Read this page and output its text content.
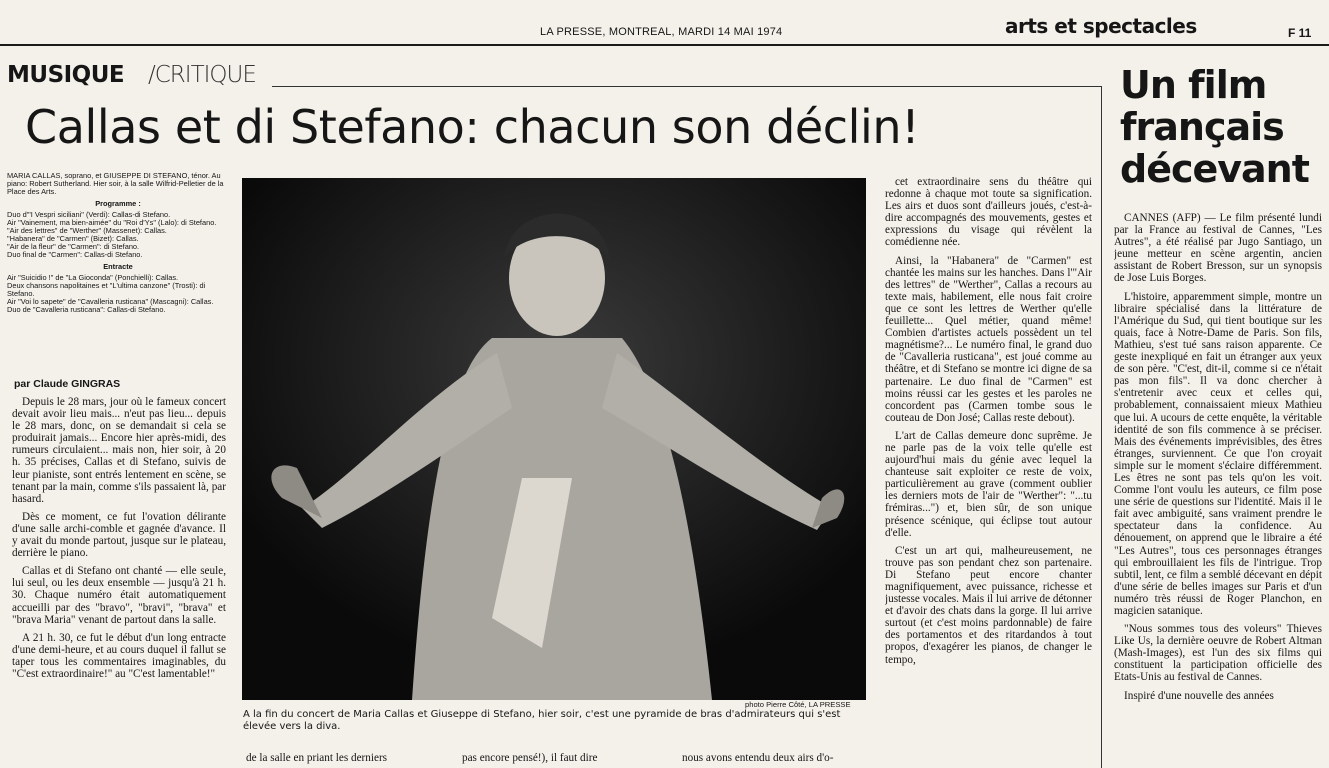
LA PRESSE, MONTREAL, MARDI 14 MAI 1974	arts et spectacles	F 11
MUSIQUE /CRITIQUE
Callas et di Stefano: chacun son déclin!

MARIA CALLAS, soprano, et GIUSEPPE DI STEFANO, ténor. Au piano: Robert Sutherland. Hier soir, à la salle Wilfrid-Pelletier de la Place des Arts.

Programme :

Duo d'"I Vespri siciliani" (Verdi): Callas-di Stefano.

Air "Vainement, ma bien-aimée" du "Roi d'Ys" (Lalo): di Stefano.

"Air des lettres" de "Werther" (Massenet): Callas.

"Habanera" de "Carmen" (Bizet): Callas.

"Air de la fleur" de "Carmen": di Stefano.

Duo final de "Carmen": Callas-di Stefano.

Entracte

Air "Suicidio !" de "La Gioconda" (Ponchielli): Callas.

Deux chansons napolitaines et "L'ultima canzone" (Trosti): di Stefano.

Air "Voi lo sapete" de "Cavalleria rusticana" (Mascagni): Callas.

Duo de "Cavalleria rusticana": Callas-di Stefano.

par Claude GINGRAS

Depuis le 28 mars, jour où le fameux concert devait avoir lieu mais... n'eut pas lieu... depuis le 28 mars, donc, on se demandait si cela se produirait jamais... Encore hier après-midi, des rumeurs circulaient... mais non, hier soir, à 20 h. 35 précises, Callas et di Stefano, suivis de leur pianiste, sont entrés lentement en scène, se tenant par la main, comme s'ils passaient là, par hasard.

Dès ce moment, ce fut l'ovation délirante d'une salle archi-comble et gagnée d'avance. Il y avait du monde partout, jusque sur le plateau, derrière le piano.

Callas et di Stefano ont chanté — elle seule, lui seul, ou les deux ensemble — jusqu'à 21 h. 30. Chaque numéro était automatiquement accueilli par des "bravo", "bravi", "brava" et "brava Maria" venant de partout dans la salle.

A 21 h. 30, ce fut le début d'un long entracte d'une demi-heure, et au cours duquel il fallut se taper tous les commentaires imaginables, du "C'est extraordinaire!" au "C'est lamentable!"

photo Pierre Côté, LA PRESSE
A la fin du concert de Maria Callas et Giuseppe di Stefano, hier soir, c'est une pyramide de bras d'admirateurs qui s'est élevée vers la diva.
de la salle en priant les derniers	pas encore pensé!), il faut dire	nous avons entendu deux airs d'o-

cet extraordinaire sens du théâtre qui redonne à chaque mot toute sa signification. Les airs et duos sont d'ailleurs joués, c'est-à-dire accompagnés des mouvements, gestes et expressions du visage qui révèlent la comédienne née.

Ainsi, la "Habanera" de "Carmen" est chantée les mains sur les hanches. Dans l'"Air des lettres" de "Werther", Callas a recours au texte mais, habilement, elle nous fait croire que ce sont les lettres de Werther qu'elle feuillette... Quel métier, quand même! Combien d'artistes actuels possèdent un tel magnétisme?... Le numéro final, le grand duo de "Cavalleria rusticana", est joué comme au théâtre, et di Stefano se montre ici digne de sa partenaire. Le duo final de "Carmen" est moins réussi car les gestes et les paroles ne concordent pas (Carmen tombe sous le couteau de Don José; Callas reste debout).

L'art de Callas demeure donc suprême. Je ne parle pas de la voix telle qu'elle est aujourd'hui mais du génie avec lequel la chanteuse sait exploiter ce reste de voix, particulièrement au grave (comment oublier les derniers mots de l'air de "Werther": "...tu frémiras...") et, bien sûr, de son unique présence scénique, qui éclipse tout autour d'elle.

C'est un art qui, malheureusement, ne trouve pas son pendant chez son partenaire. Di Stefano peut encore chanter magnifiquement, avec puissance, richesse et justesse vocales. Mais il lui arrive de détonner et d'avoir des chats dans la gorge. Il lui arrive surtout (et c'est moins pardonnable) de faire des portamentos et des ritardandos à tout propos, d'exagérer les pianos, de changer le tempo,

Un film français décevant

CANNES (AFP) — Le film présenté lundi par la France au festival de Cannes, "Les Autres", a été réalisé par Jugo Santiago, un jeune metteur en scène argentin, ancien assistant de Robert Bresson, sur un synopsis de Jose Luis Borges.

L'histoire, apparemment simple, montre un libraire spécialisé dans la littérature de l'Amérique du Sud, qui tient boutique sur les quais, face à Notre-Dame de Paris. Son fils, Mathieu, s'est tué sans raison apparente. Ce geste inexpliqué en fait un étranger aux yeux de son père. "C'est, dit-il, comme si ce n'était pas mon fils". Il va donc chercher à s'entretenir avec ceux et celles qui, probablement, connaissaient mieux Mathieu que lui. A ucours de cette enquête, la véritable identité de son fils commence à se préciser. Mais des événements imprévisibles, des êtres étranges, surviennent. Ce que l'on croyait simple sur le moment s'éclaire différemment. Les êtres ne sont pas tels qu'on les voit. Comme l'ont voulu les auteurs, ce film pose une série de questions sur l'identité. Mais il le fait avec ambiguité, sans vraiment prendre le spectateur dans la confidence. Au dénouement, on apprend que le libraire a été "Les Autres", tous ces personnages étranges qui embrouillaient les fils de l'intrigue. Trop subtil, lent, ce film a semblé décevant en dépit d'une série de belles images sur Paris et d'un numéro très réussi de Roger Planchon, en magicien satanique.

"Nous sommes tous des voleurs" Thieves Like Us, la dernière oeuvre de Robert Altman (Mash-Images), est l'un des six films qui constituent la participation officielle des Etats-Unis au festival de Cannes.

Inspiré d'une nouvelle des années
